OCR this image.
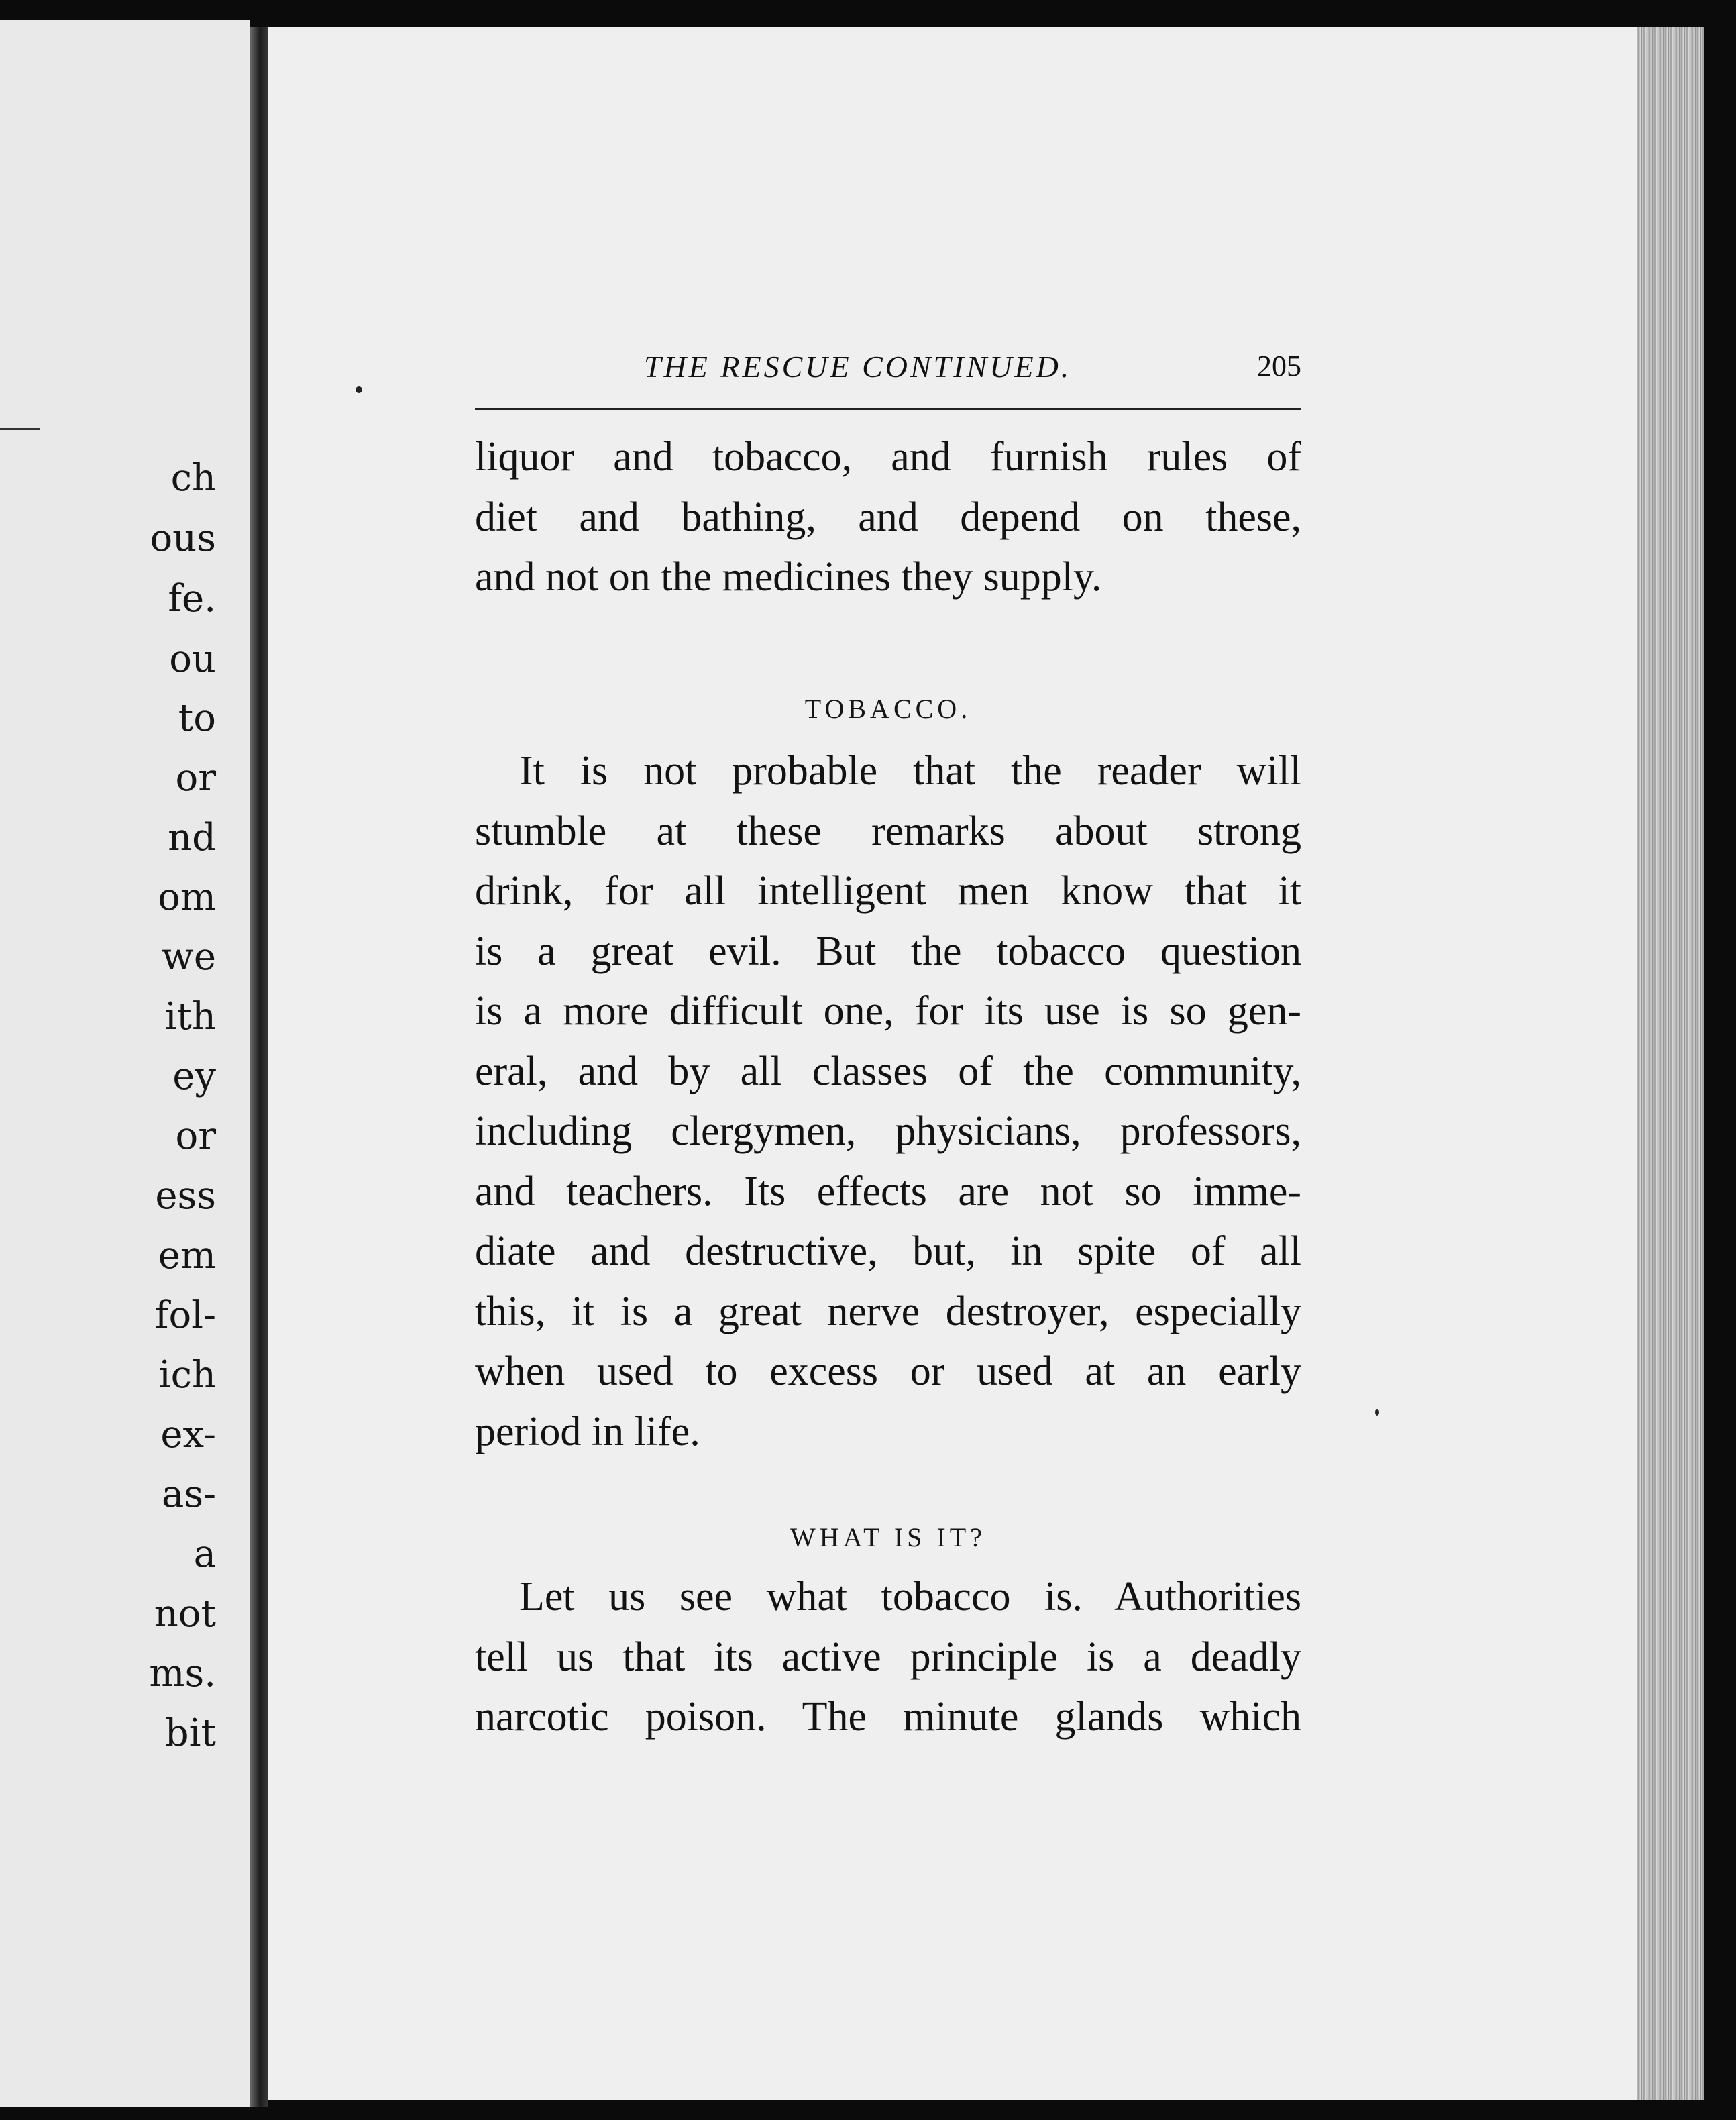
ch
ous
fe.
ou
to
or
nd
om
we
ith
ey
or
ess
em
fol-
ich
ex-
as-
a
not
ms.
bit
THE RESCUE CONTINUED.	205
liquor and tobacco, and furnish rules of
diet and bathing, and depend on these,
and not on the medicines they supply.
TOBACCO.
It is not probable that the reader will
stumble at these remarks about strong
drink, for all intelligent men know that it
is a great evil. But the tobacco question
is a more difficult one, for its use is so gen-
eral, and by all classes of the community,
including clergymen, physicians, professors,
and teachers. Its effects are not so imme-
diate and destructive, but, in spite of all
this, it is a great nerve destroyer, especially
when used to excess or used at an early
period in life.
WHAT IS IT?
Let us see what tobacco is. Authorities
tell us that its active principle is a deadly
narcotic poison. The minute glands which
